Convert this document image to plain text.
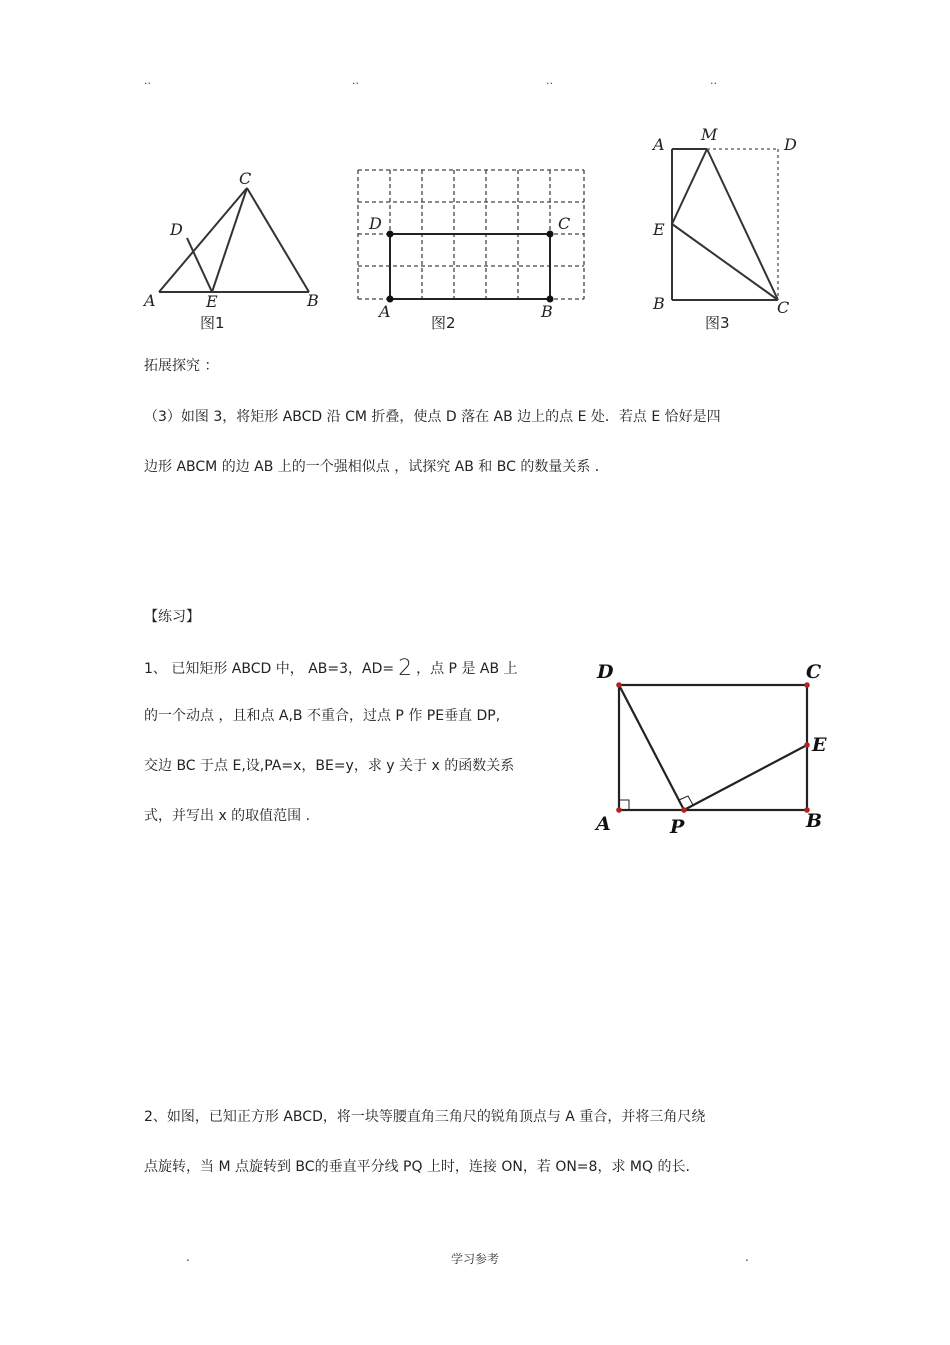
..	..	..	..
A	B
C
D
E
图1
D	C
A	B
图2
A
M
D
E
B	C
图3
拓展探究 ：
（3）如图 3，将矩形 ABCD 沿 CM 折叠，使点 D 落在 AB 边上的点 E 处．若点 E 恰好是四
边形 ABCM 的边 AB 上的一个强相似点 ，试探究 AB 和 BC 的数量关系 ．
【练习】
1、 已知矩形 ABCD 中， AB=3，AD= 2 ，点 P 是 AB 上
的一个动点 ，且和点 A,B 不重合，过点 P 作 PE垂直 DP,
交边 BC 于点 E,设,PA=x，BE=y，求 y 关于 x 的函数关系
式，并写出 x 的取值范围 .
D	C
E
B
A	P
2、如图，已知正方形 ABCD，将一块等腰直角三角尺的锐角顶点与 A 重合，并将三角尺绕
点旋转，当 M 点旋转到 BC的垂直平分线 PQ 上时，连接 ON，若 ON=8，求 MQ 的长.
.	学习参考	.
